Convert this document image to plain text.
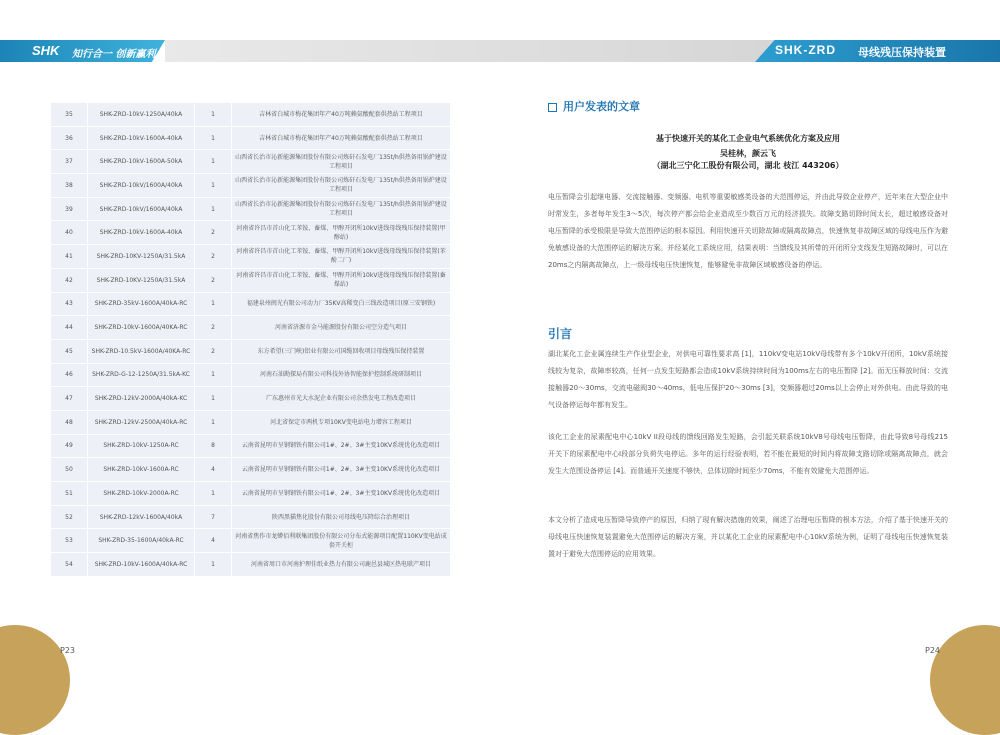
SHK 知行合一 创新赢利	SHK-ZRD 母线残压保持装置
35	SHK-ZRD-10kV-1250A/40kA	1	吉林省白城市梅花集团年产40万吨赖氨酸配套供热站工程项目
36	SHK-ZRD-10kV-1600A-40kA	1	吉林省白城市梅花集团年产40万吨赖氨酸配套供热站工程项目
37	SHK-ZRD-10kV-1600A-50kA	1	山西省长治市沁新能源集团股份有限公司炼矸石发电厂135t/h供热备用锅炉建设工程项目
38	SHK-ZRD-10kV/1600A/40kA	1	山西省长治市沁新能源集团股份有限公司炼矸石发电厂135t/h供热备用锅炉建设工程项目
39	SHK-ZRD-10kV/1600A/40kA	1	山西省长治市沁新能源集团股份有限公司炼矸石发电厂135t/h供热备用锅炉建设工程项目
40	SHK-ZRD-10kV-1600A-40kA	2	河南省许昌市首山化工苯铵、畜煤、甲醇开闭所10kV进线母线残压保持装置(甲醇站)
41	SHK-ZRD-10KV-1250A/31.5kA	2	河南省许昌市首山化工苯铵、畜煤、甲醇开闭所10kV进线母线残压保持装置(苯酚二厂)
42	SHK-ZRD-10KV-1250A/31.5kA	2	河南省许昌市首山化工苯铵、畜煤、甲醇开闭所10kV进线母线残压保持装置(畜煤站)
43	SHK-ZRD-35kV-1600A/40kA-RC	1	福建泉州闽光有限公司动力厂35KV高稀变白三线改造项目(原三安钢铁)
44	SHK-ZRD-10kV-1600A/40KA-RC	2	河南省济源市金马能源股份有限公司空分造气项目
45	SHK-ZRD-10.5kV-1600A/40KA-RC	2	东方希望(三门峡)铝业有限公司国缆回收项目母线残压保持装置
46	SHK-ZRD-G-12-1250A/31.5kA-KC	1	河南石油勘探局有限公司科技外协智能保护控制系统研制项目
47	SHK-ZRD-12kV-2000A/40kA-KC	1	广东惠州市光大水泥企业有限公司余热发电工程改造项目
48	SHK-ZRD-12kV-2500A/40kA-RC	1	河北省保定市两机专项10KV变电站电力增容工程项目
49	SHK-ZRD-10kV-1250A-RC	8	云南省昆明市呈钢钢铁有限公司1#、2#、3#主变10KV系统优化改造项目
50	SHK-ZRD-10kV-1600A-RC	4	云南省昆明市呈钢钢铁有限公司1#、2#、3#主变10KV系统优化改造项目
51	SHK-ZRD-10kV-2000A-RC	1	云南省昆明市呈钢钢铁有限公司1#、2#、3#主变10KV系统优化改造项目
52	SHK-ZRD-12kV-1600A/40kA	7	陕西黑猫焦化股份有限公司母线电压降综合治理项目
53	SHK-ZRD-35-1600A/40kA-RC	4	河南省焦作市龙蟒佰利联集团股份有限公司分布式能源项目配置110KV变电站成套开关柜
54	SHK-ZRD-10kV-1600A/40kA-RC	1	河南省周口市河南护理佳纸业热力有限公司鹿邑县城区热电联产项目
用户发表的文章
基于快速开关的某化工企业电气系统优化方案及应用
吴桂林，颜云飞
（湖北三宁化工股份有限公司，湖北 枝江 443206）

电压暂降会引起继电器、交流接触器、变频器、电机等重要敏感类设备的大范围停运，并由此导致企业停产，近年来在大型企业中时常发生，多者每年发生3～5次，每次停产都会给企业造成至少数百万元的经济损失。故障支路切除时间太长，超过敏感设备对电压暂降的承受极限是导致大范围停运的根本原因。利用快速开关切除故障或隔离故障点，快速恢复非故障区域的母线电压作为避免敏感设备的大范围停运的解决方案。并经某化工系统应用，结果表明：当馈线及其所带的开闭所分支线发生短路故障时，可以在20ms之内隔离故障点，上一级母线电压快速恢复，能够避免非故障区域敏感设备的停运。

引言

湖北某化工企业属连续生产作业型企业，对供电可靠性要求高 [1]，110kV变电站10kV母线带有多个10kV开闭所，10kV系统接线较为复杂，故障率较高，任何一点发生短路都会造成10kV系统持续时间为100ms左右的电压暂降 [2]。而无压释放时间：交流接触器20～30ms，交流电磁阀30～40ms，低电压保护20～30ms [3]，变频器超过20ms以上会停止对外供电。由此导致的电气设备停运每年都有发生。

该化工企业的尿素配电中心10kV II段母线的馈线回路发生短路，会引起关联系统10kV8号母线电压暂降，由此导致8号母线215开关下的尿素配电中心I段部分负荷失电停运。多年的运行经验表明，若不能在最短的时间内将故障支路切除或隔离故障点，就会发生大范围设备停运 [4]。而普通开关速度不够快，总体切除时间至少70ms，不能有效避免大范围停运。

本文分析了造成电压暂降导致停产的原因，归纳了现有解决措施的效果，阐述了治理电压暂降的根本方法，介绍了基于快速开关的母线电压快速恢复装置避免大范围停运的解决方案，并以某化工企业的尿素配电中心10kV系统为例，证明了母线电压快速恢复装置对于避免大范围停运的应用效果。

P23	P24
